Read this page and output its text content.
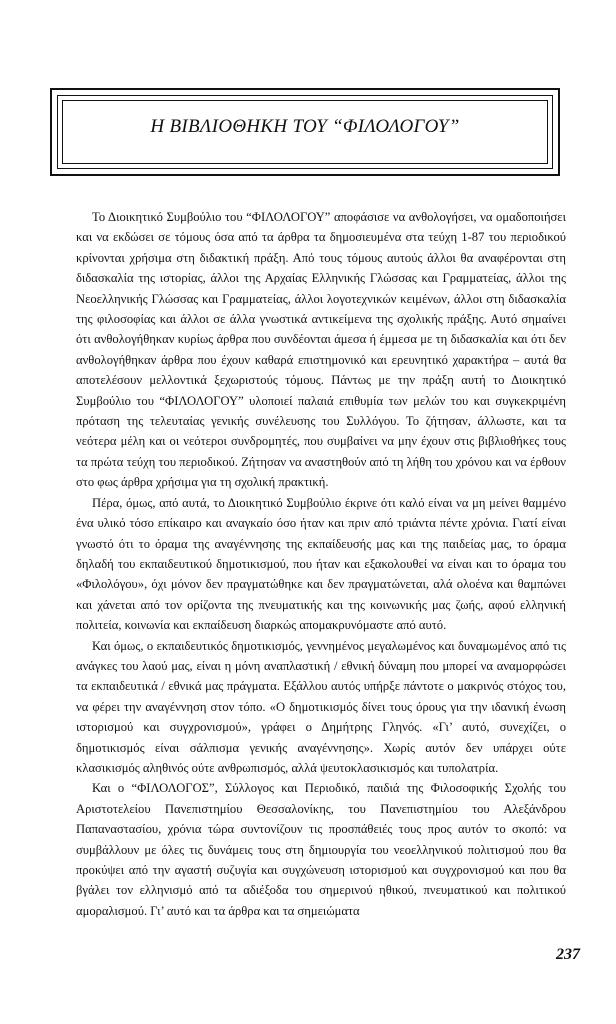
Η ΒΙΒΛΙΟΘΗΚΗ ΤΟΥ “ΦΙΛΟΛΟΓΟΥ”

Το Διοικητικό Συμβούλιο του “ΦΙΛΟΛΟΓΟΥ” αποφάσισε να ανθολογήσει, να ομαδοποιήσει και να εκδώσει σε τόμους όσα από τα άρθρα τα δημοσιευμένα στα τεύχη 1-87 του περιοδικού κρίνονται χρήσιμα στη διδακτική πράξη. Από τους τόμους αυτούς άλλοι θα αναφέρονται στη διδασκαλία της ιστορίας, άλλοι της Αρχαίας Ελληνικής Γλώσσας και Γραμματείας, άλλοι της Νεοελληνικής Γλώσσας και Γραμματείας, άλλοι λογοτεχνικών κειμένων, άλλοι στη διδασκαλία της φιλοσοφίας και άλλοι σε άλλα γνωστικά αντικείμενα της σχολικής πράξης. Αυτό σημαίνει ότι ανθολογήθηκαν κυρίως άρθρα που συνδέονται άμεσα ή έμμεσα με τη διδασκαλία και ότι δεν ανθολογήθηκαν άρθρα που έχουν καθαρά επιστημονικό και ερευνητικό χαρακτήρα – αυτά θα αποτελέσουν μελλοντικά ξεχωριστούς τόμους. Πάντως με την πράξη αυτή το Διοικητικό Συμβούλιο του “ΦΙΛΟΛΟΓΟΥ” υλοποιεί παλαιά επιθυμία των μελών του και συγκεκριμένη πρόταση της τελευταίας γενικής συνέλευσης του Συλλόγου. Το ζήτησαν, άλλωστε, και τα νεότερα μέλη και οι νεότεροι συνδρομητές, που συμβαίνει να μην έχουν στις βιβλιοθήκες τους τα πρώτα τεύχη του περιοδικού. Ζήτησαν να αναστηθούν από τη λήθη του χρόνου και να έρθουν στο φως άρθρα χρήσιμα για τη σχολική πρακτική.

Πέρα, όμως, από αυτά, το Διοικητικό Συμβούλιο έκρινε ότι καλό είναι να μη μείνει θαμμένο ένα υλικό τόσο επίκαιρο και αναγκαίο όσο ήταν και πριν από τριάντα πέντε χρόνια. Γιατί είναι γνωστό ότι το όραμα της αναγέννησης της εκπαίδευσής μας και της παιδείας μας, το όραμα δηλαδή του εκπαιδευτικού δημοτικισμού, που ήταν και εξακολουθεί να είναι και το όραμα του «Φιλολόγου», όχι μόνον δεν πραγματώθηκε και δεν πραγματώνεται, αλά ολοένα και θαμπώνει και χάνεται από τον ορίζοντα της πνευματικής και της κοινωνικής μας ζωής, αφού ελληνική πολιτεία, κοινωνία και εκπαίδευση διαρκώς απομακρυνόμαστε από αυτό.

Και όμως, ο εκπαιδευτικός δημοτικισμός, γεννημένος μεγαλωμένος και δυναμωμένος από τις ανάγκες του λαού μας, είναι η μόνη αναπλαστική / εθνική δύναμη που μπορεί να αναμορφώσει τα εκπαιδευτικά / εθνικά μας πράγματα. Εξάλλου αυτός υπήρξε πάντοτε ο μακρινός στόχος του, να φέρει την αναγέννηση στον τόπο. «Ο δημοτικισμός δίνει τους όρους για την ιδανική ένωση ιστορισμού και συγχρονισμού», γράφει ο Δημήτρης Γληνός. «Γι’ αυτό, συνεχίζει, ο δημοτικισμός είναι σάλπισμα γενικής αναγέννησης». Χωρίς αυτόν δεν υπάρχει ούτε κλασικισμός αληθινός ούτε ανθρωπισμός, αλλά ψευτοκλασικισμός και τυπολατρία.

Και ο “ΦΙΛΟΛΟΓΟΣ”, Σύλλογος και Περιοδικό, παιδιά της Φιλοσοφικής Σχολής του Αριστοτελείου Πανεπιστημίου Θεσσαλονίκης, του Πανεπιστημίου του Αλεξάνδρου Παπαναστασίου, χρόνια τώρα συντονίζουν τις προσπάθειές τους προς αυτόν το σκοπό: να συμβάλλουν με όλες τις δυνάμεις τους στη δημιουργία του νεοελληνικού πολιτισμού που θα προκύψει από την αγαστή συζυγία και συγχώνευση ιστορισμού και συγχρονισμού και που θα βγάλει τον ελληνισμό από τα αδιέξοδα του σημερινού ηθικού, πνευματικού και πολιτικού αμοραλισμού. Γι’ αυτό και τα άρθρα και τα σημειώματα

237
